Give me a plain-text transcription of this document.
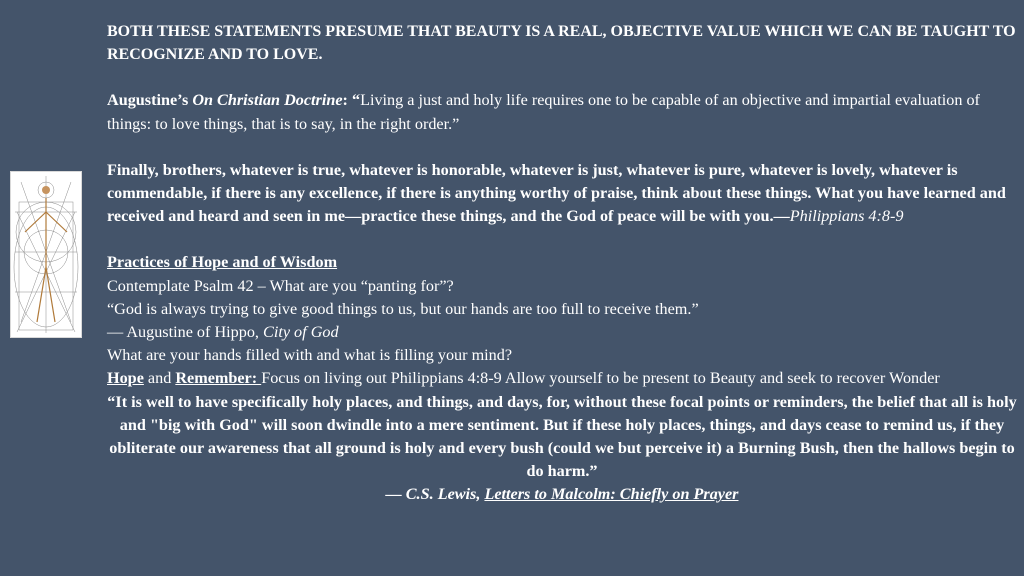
BOTH THESE STATEMENTS PRESUME THAT BEAUTY IS A REAL, OBJECTIVE VALUE WHICH WE CAN BE TAUGHT TO RECOGNIZE AND TO LOVE.
Augustine’s On Christian Doctrine: “Living a just and holy life requires one to be capable of an objective and impartial evaluation of things: to love things, that is to say, in the right order.”
Finally, brothers, whatever is true, whatever is honorable, whatever is just, whatever is pure, whatever is lovely, whatever is commendable, if there is any excellence, if there is anything worthy of praise, think about these things. What you have learned and received and heard and seen in me—practice these things, and the God of peace will be with you.—Philippians 4:8-9
Practices of Hope and of Wisdom
Contemplate Psalm 42 – What are you “panting for”?
“God is always trying to give good things to us, but our hands are too full to receive them.”
— Augustine of Hippo, City of God
What are your hands filled with and what is filling your mind?
Hope and Remember: Focus on living out Philippians 4:8-9 Allow yourself to be present to Beauty and seek to recover Wonder
“It is well to have specifically holy places, and things, and days, for, without these focal points or reminders, the belief that all is holy and "big with God" will soon dwindle into a mere sentiment. But if these holy places, things, and days cease to remind us, if they obliterate our awareness that all ground is holy and every bush (could we but perceive it) a Burning Bush, then the hallows begin to do harm.”
— C.S. Lewis, Letters to Malcolm: Chiefly on Prayer
